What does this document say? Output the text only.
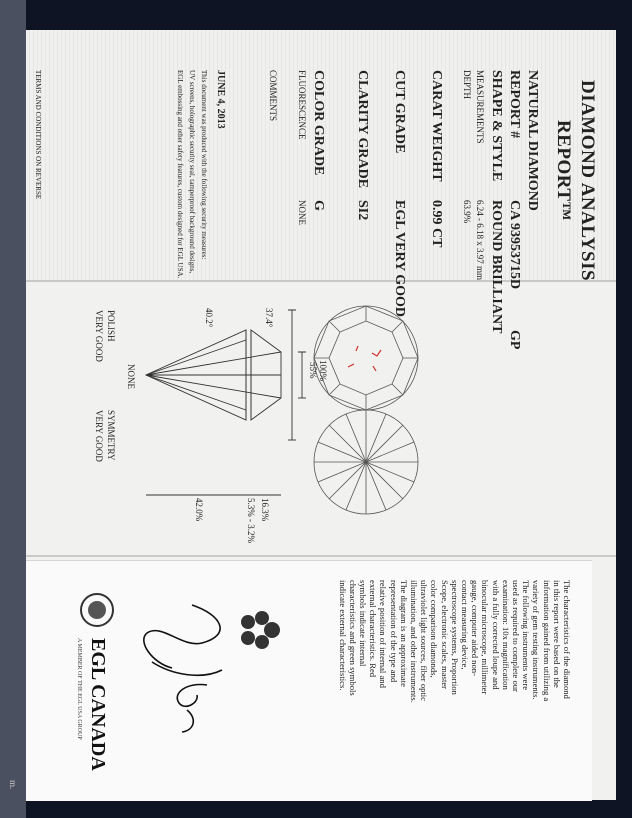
DIAMOND ANALYSIS
REPORT™
NATURAL DIAMOND
REPORT #
CA 93953715D
GP
SHAPE & STYLE
ROUND BRILLIANT
MEASUREMENTS
6.24 - 6.18 x 3.97 mm
DEPTH
63.9%
CARAT WEIGHT
0.99 CT
CUT GRADE
EGL VERY GOOD
CLARITY GRADE
SI2
COLOR GRADE
G
FLUORESCENCE
NONE
COMMENTS
JUNE 4, 2013
This document was produced with the following security measures:
UV screens, holographic security seal, tamperproof background designs,
EGL embossing and other safety features, custom designed for EGL USA.
TERMS AND CONDITIONS ON REVERSE
55% 100%
16.3%
5.3% - 3.2%
42.0%
37.4°
40.2°
NONE
POLISH
VERY GOOD
SYMMETRY
VERY GOOD
The characteristics of the diamond
in this report were based on the
information gained from utilizing a
variety of gem testing instruments.
The following instruments were
used as required to complete our
examination: 10x magnification
with a fully corrected loupe and
binocular microscope, millimeter
gauge, computer aided non-
contact measuring device,
spectroscope systems, Proportion
Scope, electronic scales, master
color comparison diamonds,
ultraviolet light sources, fiber optic
illumination, and other instruments.
The diagram is an approximate
representation of the type and
relative position of internal and
external characteristics. Red
symbols indicate internal
characteristics and green symbols
indicate external characteristics.
EGL CANADA
A MEMBER OF THE EGL USA GROUP
m.
